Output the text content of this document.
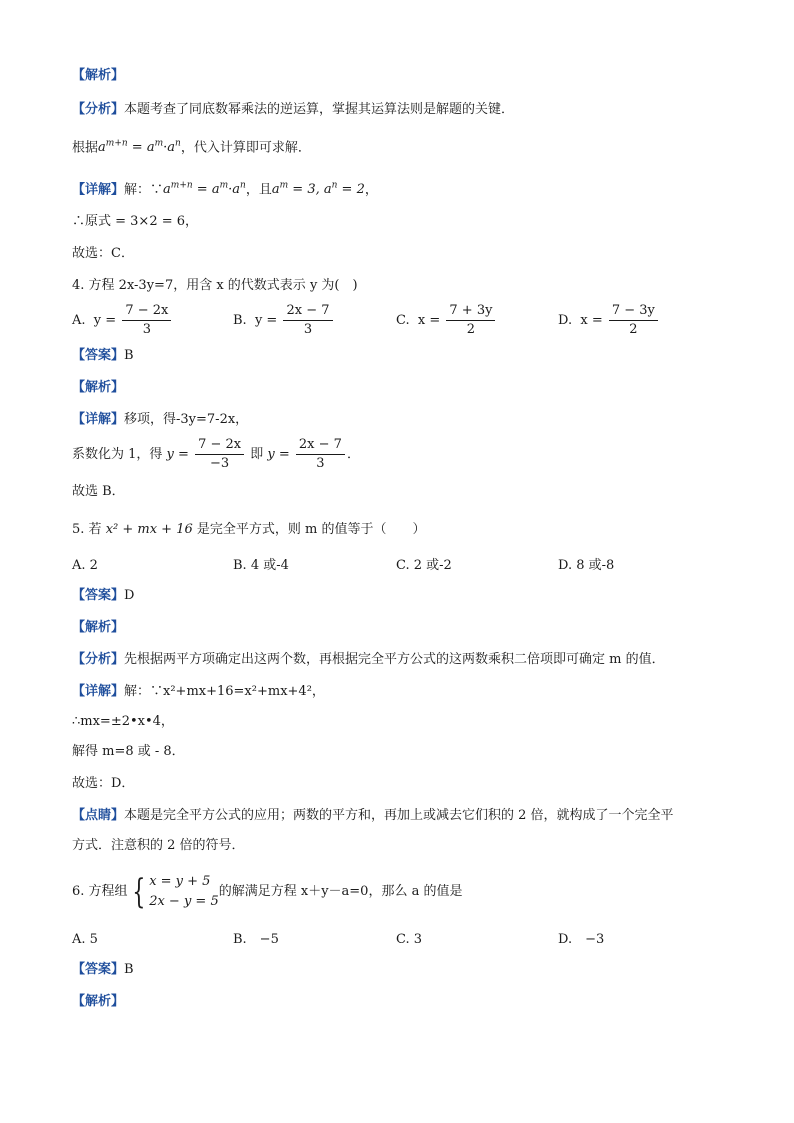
【解析】
【分析】本题考查了同底数幂乘法的逆运算，掌握其运算法则是解题的关键．
根据$a^{m+n} = a^m\cdot a^n$，代入计算即可求解．
【详解】解：$\because a^{m+n} = a^m\cdot a^n$，且$a^m = 3$, $a^n = 2$，
∴原式 = 3×2 = 6，
故选：C．
4. 方程 2x-3y=7，用含 x 的代数式表示 y 为(　)
A. $y = \frac{7 - 2x}{3}$	B. $y = \frac{2x - 7}{3}$	C. $x = \frac{7 + 3y}{2}$	D. $x = \frac{7 - 3y}{2}$
【答案】B
【解析】
【详解】移项，得-3y=7-2x，
系数化为 1，得 $y = \frac{7 - 2x}{-3}$ 即 $y = \frac{2x - 7}{3}$ ．
故选 B．
5. 若 x² + mx + 16 是完全平方式，则 m 的值等于（　　）
A. 2	B. 4 或-4	C. 2 或-2	D. 8 或-8
【答案】D
【解析】
【分析】先根据两平方项确定出这两个数，再根据完全平方公式的这两数乘积二倍项即可确定 m 的值．
【详解】解：∵x²+mx+16=x²+mx+4²，
∴mx=±2•x•4，
解得 m=8 或 - 8．
故选：D．
【点睛】本题是完全平方公式的应用；两数的平方和，再加上或减去它们积的 2 倍，就构成了一个完全平
方式．注意积的 2 倍的符号．
6. 方程组 { x = y + 5
2x − y = 5
的解满足方程 x＋y－a=0，那么 a 的值是
A. 5	B.　−5	C. 3	D.　−3
【答案】B
【解析】
